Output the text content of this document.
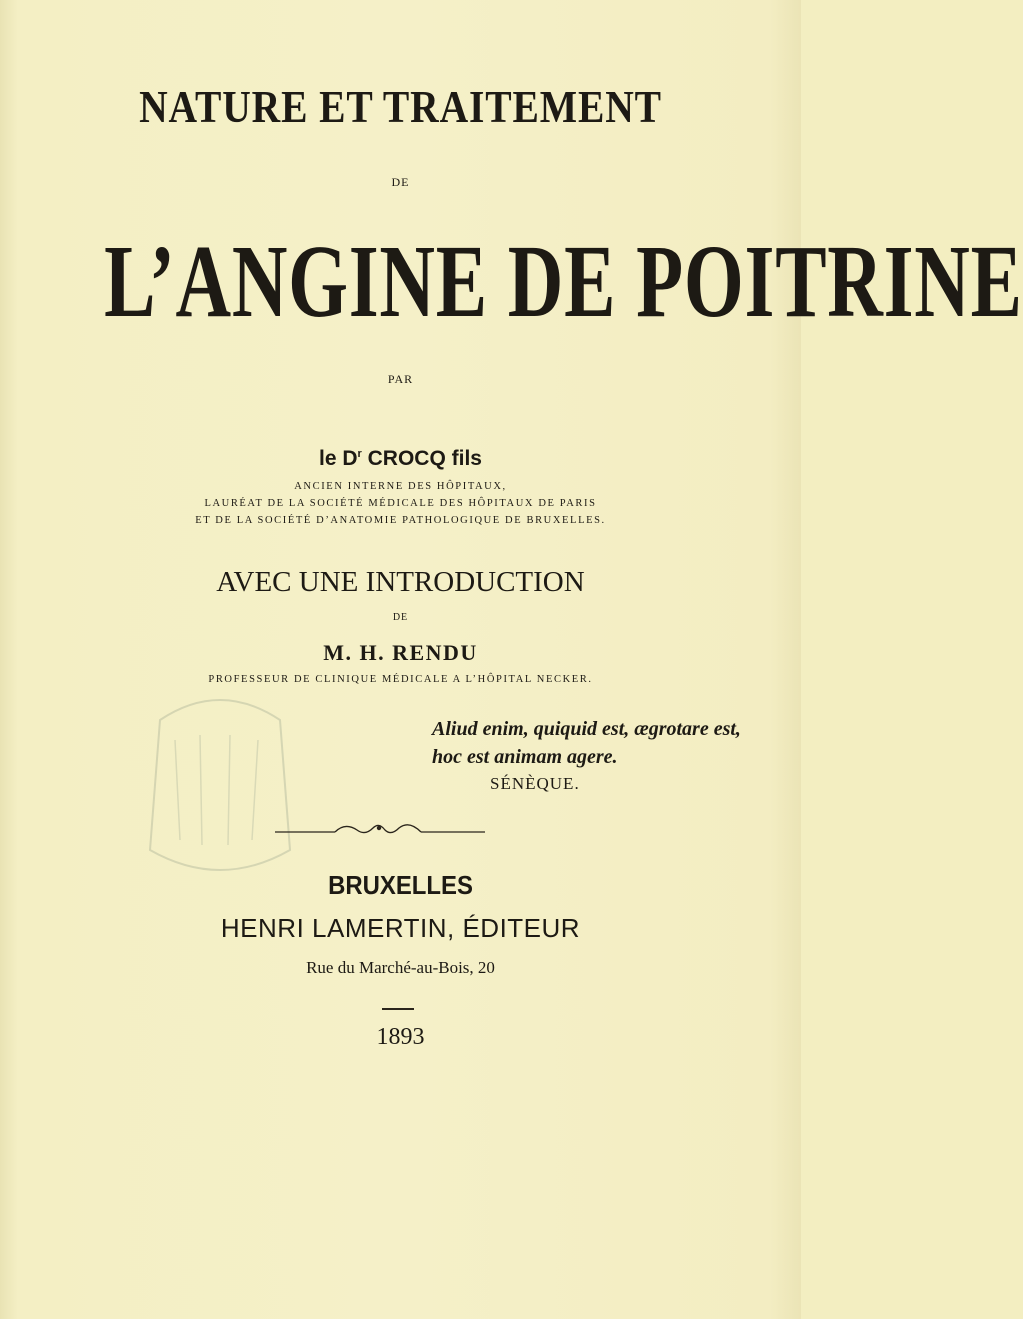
NATURE ET TRAITEMENT
DE
L’ANGINE DE POITRINE
PAR
le $D^r$ CROCQ fils
ANCIEN INTERNE DES HÔPITAUX,
LAURÉAT DE LA SOCIÉTÉ MÉDICALE DES HÔPITAUX DE PARIS
ET DE LA SOCIÉTÉ D’ANATOMIE PATHOLOGIQUE DE BRUXELLES.
AVEC UNE INTRODUCTION
DE
M. H. RENDU
PROFESSEUR DE CLINIQUE MÉDICALE A L’HÔPITAL NECKER.
Aliud enim, quiquid est, ægrotare est,
hoc est animam agere.
SÉNÈQUE.
BRUXELLES
HENRI LAMERTIN, ÉDITEUR
Rue du Marché-au-Bois, 20
1893
